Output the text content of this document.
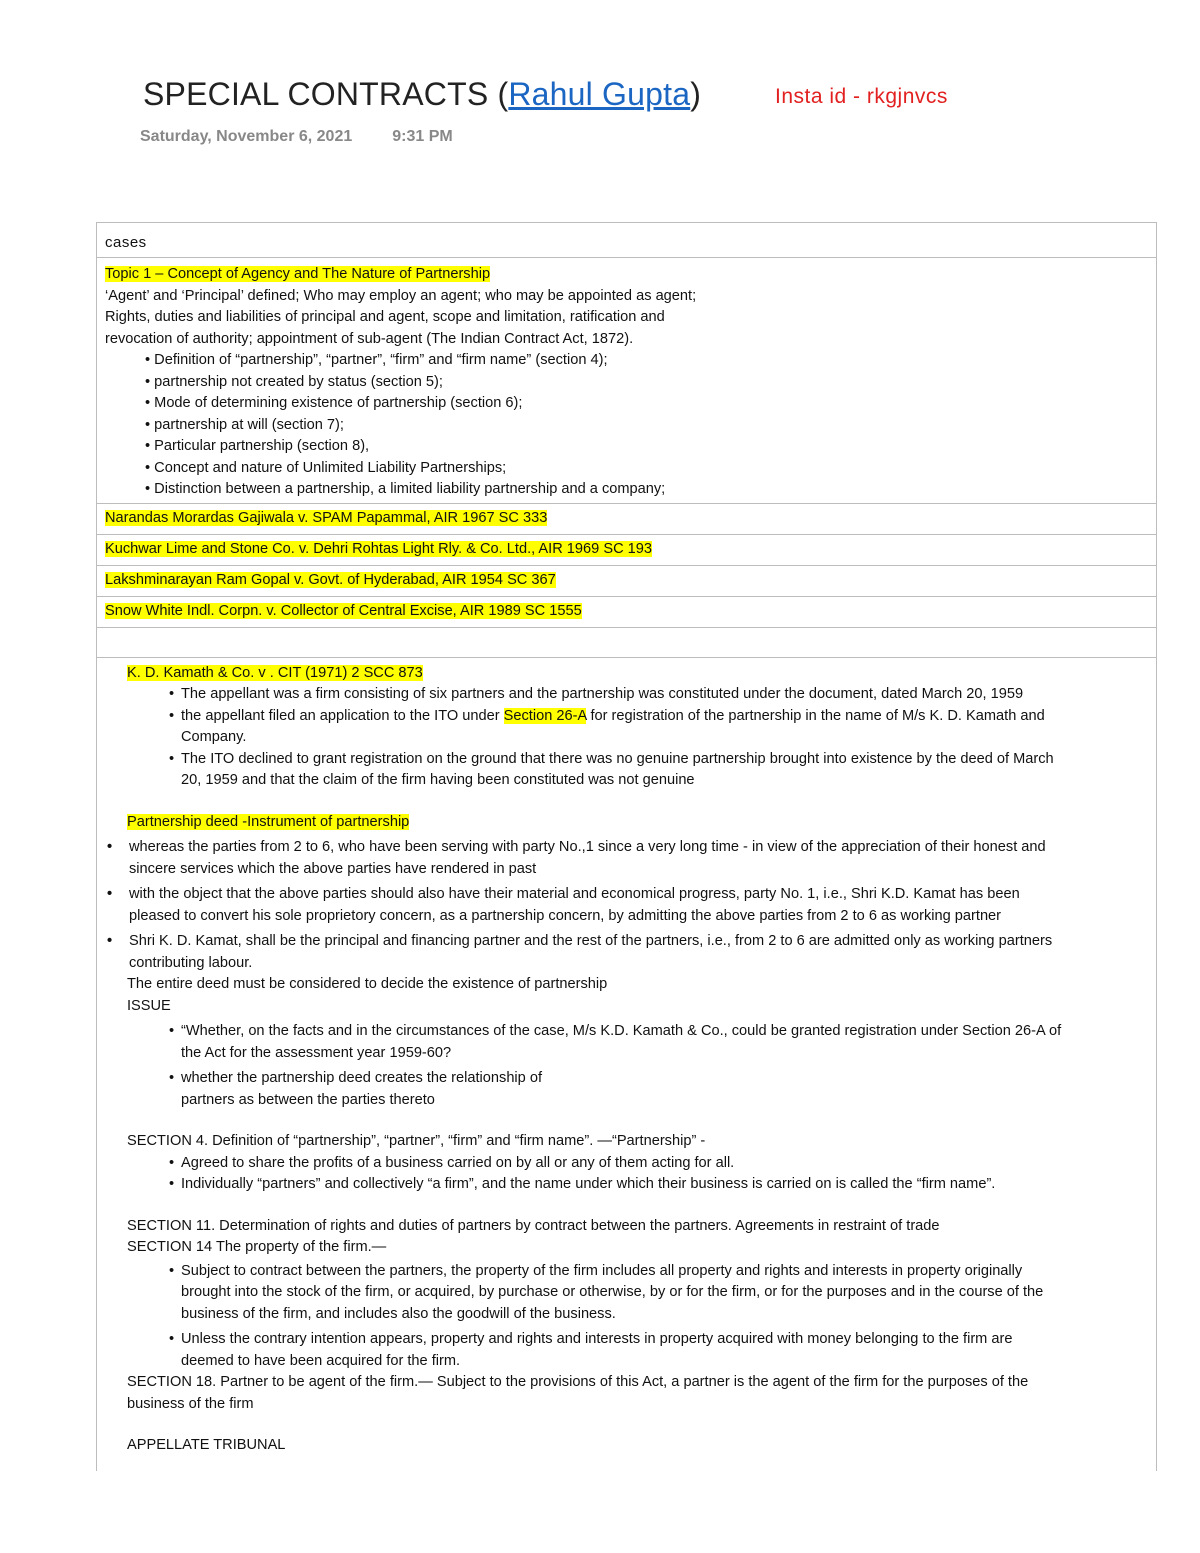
SPECIAL CONTRACTS (Rahul Gupta)	Insta id - rkgjnvcs
Saturday, November 6, 2021	9:31 PM
cases

Topic 1 – Concept of Agency and The Nature of Partnership
‘Agent’ and ‘Principal’ defined; Who may employ an agent; who may be appointed as agent;
Rights, duties and liabilities of principal and agent, scope and limitation, ratification and
revocation of authority; appointment of sub-agent (The Indian Contract Act, 1872).
• Definition of “partnership”, “partner”, “firm” and “firm name” (section 4);
• partnership not created by status (section 5);
• Mode of determining existence of partnership (section 6);
• partnership at will (section 7);
• Particular partnership (section 8),
• Concept and nature of Unlimited Liability Partnerships;
• Distinction between a partnership, a limited liability partnership and a company;

Narandas Morardas Gajiwala v. SPAM Papammal, AIR 1967 SC 333

Kuchwar Lime and Stone Co. v. Dehri Rohtas Light Rly. & Co. Ltd., AIR 1969 SC 193

Lakshminarayan Ram Gopal v. Govt. of Hyderabad, AIR 1954 SC 367

Snow White Indl. Corpn. v. Collector of Central Excise, AIR 1989 SC 1555

K. D. Kamath & Co. v . CIT (1971) 2 SCC 873
• The appellant was a firm consisting of six partners and the partnership was constituted under the document, dated March 20, 1959
• the appellant filed an application to the ITO under Section 26-A for registration of the partnership in the name of M/s K. D. Kamath and
Company.
• The ITO declined to grant registration on the ground that there was no genuine partnership brought into existence by the deed of March
20, 1959 and that the claim of the firm having been constituted was not genuine
Partnership deed -Instrument of partnership
• whereas the parties from 2 to 6, who have been serving with party No.,1 since a very long time - in view of the appreciation of their honest and
sincere services which the above parties have rendered in past
• with the object that the above parties should also have their material and economical progress, party No. 1, i.e., Shri K.D. Kamat has been
pleased to convert his sole proprietory concern, as a partnership concern, by admitting the above parties from 2 to 6 as working partner
• Shri K. D. Kamat, shall be the principal and financing partner and the rest of the partners, i.e., from 2 to 6 are admitted only as working partners
contributing labour.
The entire deed must be considered to decide the existence of partnership
ISSUE
• “Whether, on the facts and in the circumstances of the case, M/s K.D. Kamath & Co., could be granted registration under Section 26-A of
the Act for the assessment year 1959-60?
• whether the partnership deed creates the relationship of
partners as between the parties thereto
SECTION 4. Definition of “partnership”, “partner”, “firm” and “firm name”. —“Partnership” -
• Agreed to share the profits of a business carried on by all or any of them acting for all.
• Individually “partners” and collectively “a firm”, and the name under which their business is carried on is called the “firm name”.
SECTION 11. Determination of rights and duties of partners by contract between the partners. Agreements in restraint of trade
SECTION 14 The property of the firm.—
• Subject to contract between the partners, the property of the firm includes all property and rights and interests in property originally
brought into the stock of the firm, or acquired, by purchase or otherwise, by or for the firm, or for the purposes and in the course of the
business of the firm, and includes also the goodwill of the business.
• Unless the contrary intention appears, property and rights and interests in property acquired with money belonging to the firm are
deemed to have been acquired for the firm.
SECTION 18. Partner to be agent of the firm.— Subject to the provisions of this Act, a partner is the agent of the firm for the purposes of the
business of the firm
APPELLATE TRIBUNAL
